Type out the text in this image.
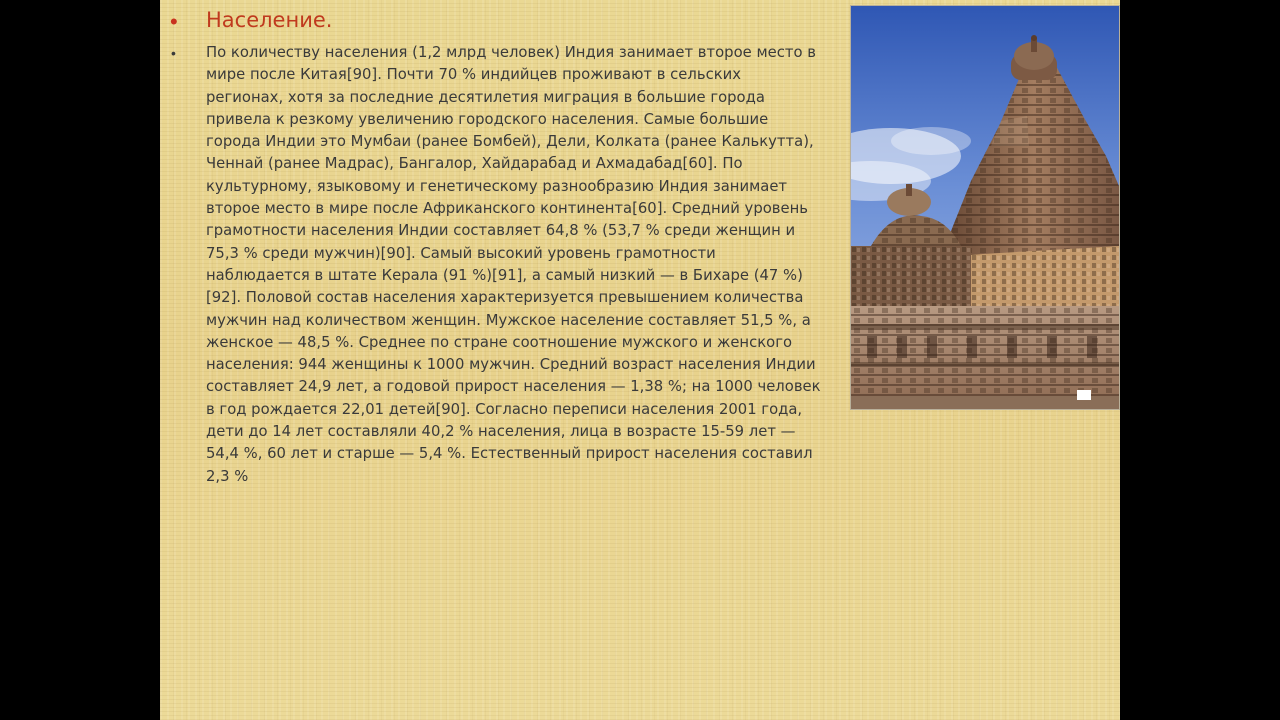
• Население.
• По количеству населения (1,2 млрд человек) Индия занимает второе место в мире после Китая[90]. Почти 70 % индийцев проживают в сельских регионах, хотя за последние десятилетия миграция в большие города привела к резкому увеличению городского населения. Самые большие города Индии это Мумбаи (ранее Бомбей), Дели, Колката (ранее Калькутта), Ченнай (ранее Мадрас), Бангалор, Хайдарабад и Ахмадабад[60]. По культурному, языковому и генетическому разнообразию Индия занимает второе место в мире после Африканского континента[60]. Средний уровень грамотности населения Индии составляет 64,8 % (53,7 % среди женщин и 75,3 % среди мужчин)[90]. Самый высокий уровень грамотности наблюдается в штате Керала (91 %)[91], а самый низкий — в Бихаре (47 %)[92]. Половой состав населения характеризуется превышением количества мужчин над количеством женщин. Мужское население составляет 51,5 %, а женское — 48,5 %. Среднее по стране соотношение мужского и женского населения: 944 женщины к 1000 мужчин. Средний возраст населения Индии составляет 24,9 лет, а годовой прирост населения — 1,38 %; на 1000 человек в год рождается 22,01 детей[90]. Согласно переписи населения 2001 года, дети до 14 лет составляли 40,2 % населения, лица в возрасте 15-59 лет — 54,4 %, 60 лет и старше — 5,4 %. Естественный прирост населения составил 2,3 %
